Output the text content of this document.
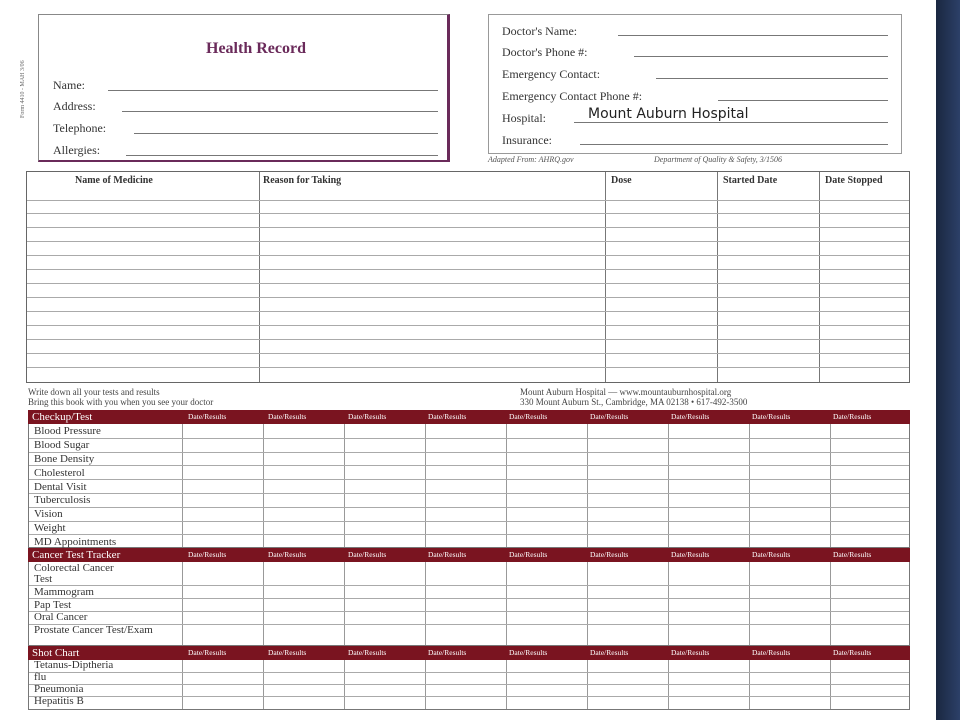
Form 4410 - MAH 3/06
Health Record
Name:
Address:
Telephone:
Allergies:
Doctor's Name:
Doctor's Phone #:
Emergency Contact:
Emergency Contact Phone #:
Hospital:	Mount Auburn Hospital
Insurance:
Adapted From: AHRQ.gov	Department of Quality & Safety, 3/1506
Name of Medicine	Reason for Taking	Dose	Started Date	Date Stopped
Write down all your tests and results
Bring this book with you when you see your doctor
Mount Auburn Hospital — www.mountauburnhospital.org
330 Mount Auburn St., Cambridge, MA 02138 • 617-492-3500
Checkup/Test	Date/Results	Date/Results	Date/Results	Date/Results	Date/Results	Date/Results	Date/Results	Date/Results	Date/Results
Blood Pressure
Blood Sugar
Bone Density
Cholesterol
Dental Visit
Tuberculosis
Vision
Weight
MD Appointments
Cancer Test Tracker	Date/Results	Date/Results	Date/Results	Date/Results	Date/Results	Date/Results	Date/Results	Date/Results	Date/Results
Colorectal Cancer Test
Mammogram
Pap Test
Oral Cancer
Prostate Cancer Test/Exam
Shot Chart	Date/Results	Date/Results	Date/Results	Date/Results	Date/Results	Date/Results	Date/Results	Date/Results	Date/Results
Tetanus-Diptheria
flu
Pneumonia
Hepatitis B
